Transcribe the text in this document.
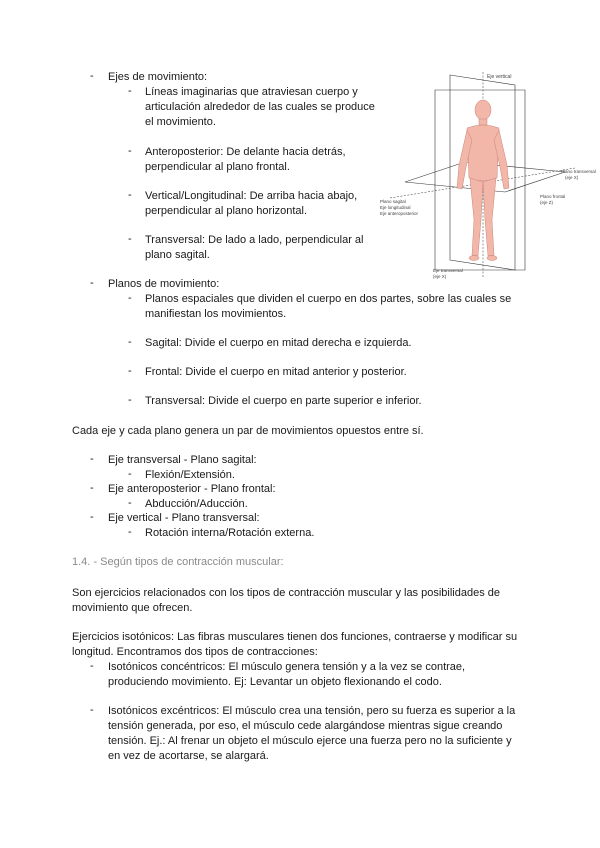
- Ejes de movimiento:
- Líneas imaginarias que atraviesan cuerpo y
articulación alrededor de las cuales se produce
el movimiento.
- Anteroposterior: De delante hacia detrás,
perpendicular al plano frontal.
- Vertical/Longitudinal: De arriba hacia abajo,
perpendicular al plano horizontal.
- Transversal: De lado a lado, perpendicular al
plano sagital.
- Planos de movimiento:
- Planos espaciales que dividen el cuerpo en dos partes, sobre las cuales se
manifiestan los movimientos.
- Sagital: Divide el cuerpo en mitad derecha e izquierda.
- Frontal: Divide el cuerpo en mitad anterior y posterior.
- Transversal: Divide el cuerpo en parte superior e inferior.
Cada eje y cada plano genera un par de movimientos opuestos entre sí.
- Eje transversal - Plano sagital:
- Flexión/Extensión.
- Eje anteroposterior - Plano frontal:
- Abducción/Aducción.
- Eje vertical - Plano transversal:
- Rotación interna/Rotación externa.
1.4. - Según tipos de contracción muscular:
Son ejercicios relacionados con los tipos de contracción muscular y las posibilidades de
movimiento que ofrecen.
Ejercicios isotónicos: Las fibras musculares tienen dos funciones, contraerse y modificar su
longitud. Encontramos dos tipos de contracciones:
- Isotónicos concéntricos: El músculo genera tensión y a la vez se contrae,
produciendo movimiento. Ej: Levantar un objeto flexionando el codo.
- Isotónicos excéntricos: El músculo crea una tensión, pero su fuerza es superior a la
tensión generada, por eso, el músculo cede alargándose mientras sigue creando
tensión. Ej.: Al frenar un objeto el músculo ejerce una fuerza pero no la suficiente y
en vez de acortarse, se alargará.
Eje vertical
Plano transversal
(eje X)
Plano frontal
(eje Z)
Plano sagital
Eje longitudinal
Eje anteroposterior
Eje transversal
(eje X)
